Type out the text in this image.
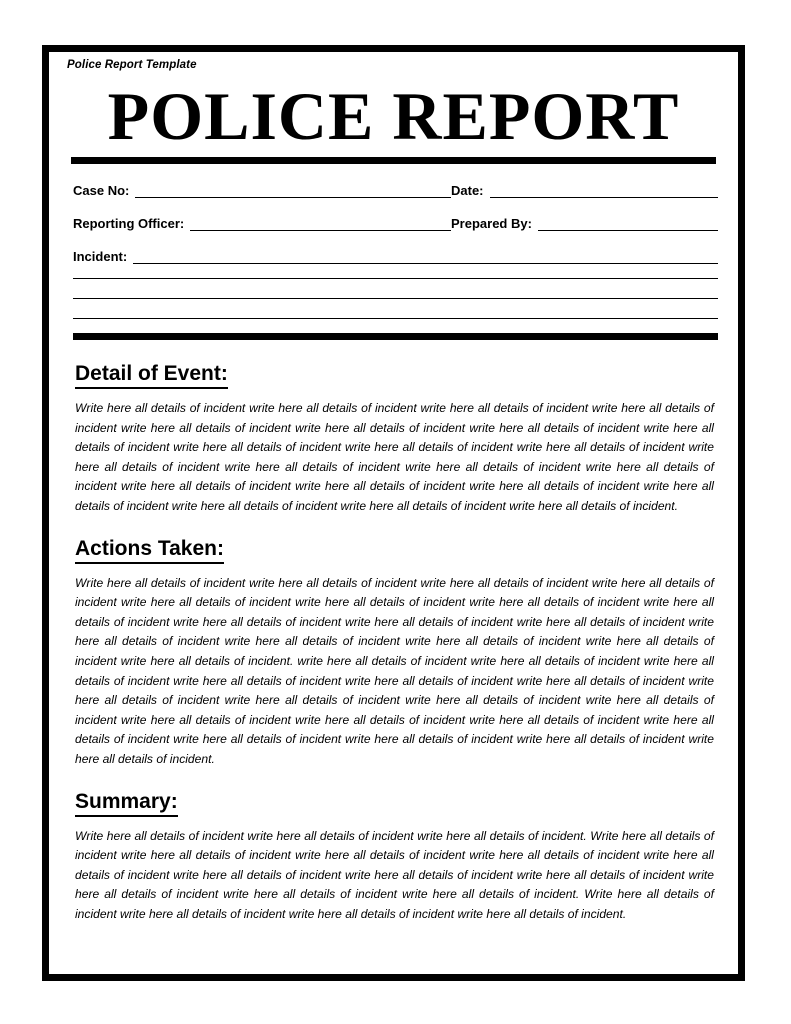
Police Report Template
POLICE REPORT
Case No:	Date:
Reporting Officer:	Prepared By:
Incident:
Detail of Event:

Write here all details of incident write here all details of incident write here all details of incident write here all details of incident write here all details of incident write here all details of incident write here all details of incident write here all details of incident write here all details of incident write here all details of incident write here all details of incident write here all details of incident write here all details of incident write here all details of incident write here all details of incident write here all details of incident write here all details of incident write here all details of incident write here all details of incident write here all details of incident write here all details of incident write here all details of incident.

Actions Taken:

Write here all details of incident write here all details of incident write here all details of incident write here all details of incident write here all details of incident write here all details of incident write here all details of incident write here all details of incident write here all details of incident write here all details of incident write here all details of incident write here all details of incident write here all details of incident write here all details of incident write here all details of incident write here all details of incident. write here all details of incident write here all details of incident write here all details of incident write here all details of incident write here all details of incident write here all details of incident write here all details of incident write here all details of incident write here all details of incident write here all details of incident write here all details of incident write here all details of incident write here all details of incident write here all details of incident write here all details of incident write here all details of incident write here all details of incident write here all details of incident.

Summary:

Write here all details of incident write here all details of incident write here all details of incident. Write here all details of incident write here all details of incident write here all details of incident write here all details of incident write here all details of incident write here all details of incident write here all details of incident write here all details of incident write here all details of incident write here all details of incident write here all details of incident. Write here all details of incident write here all details of incident write here all details of incident write here all details of incident.
